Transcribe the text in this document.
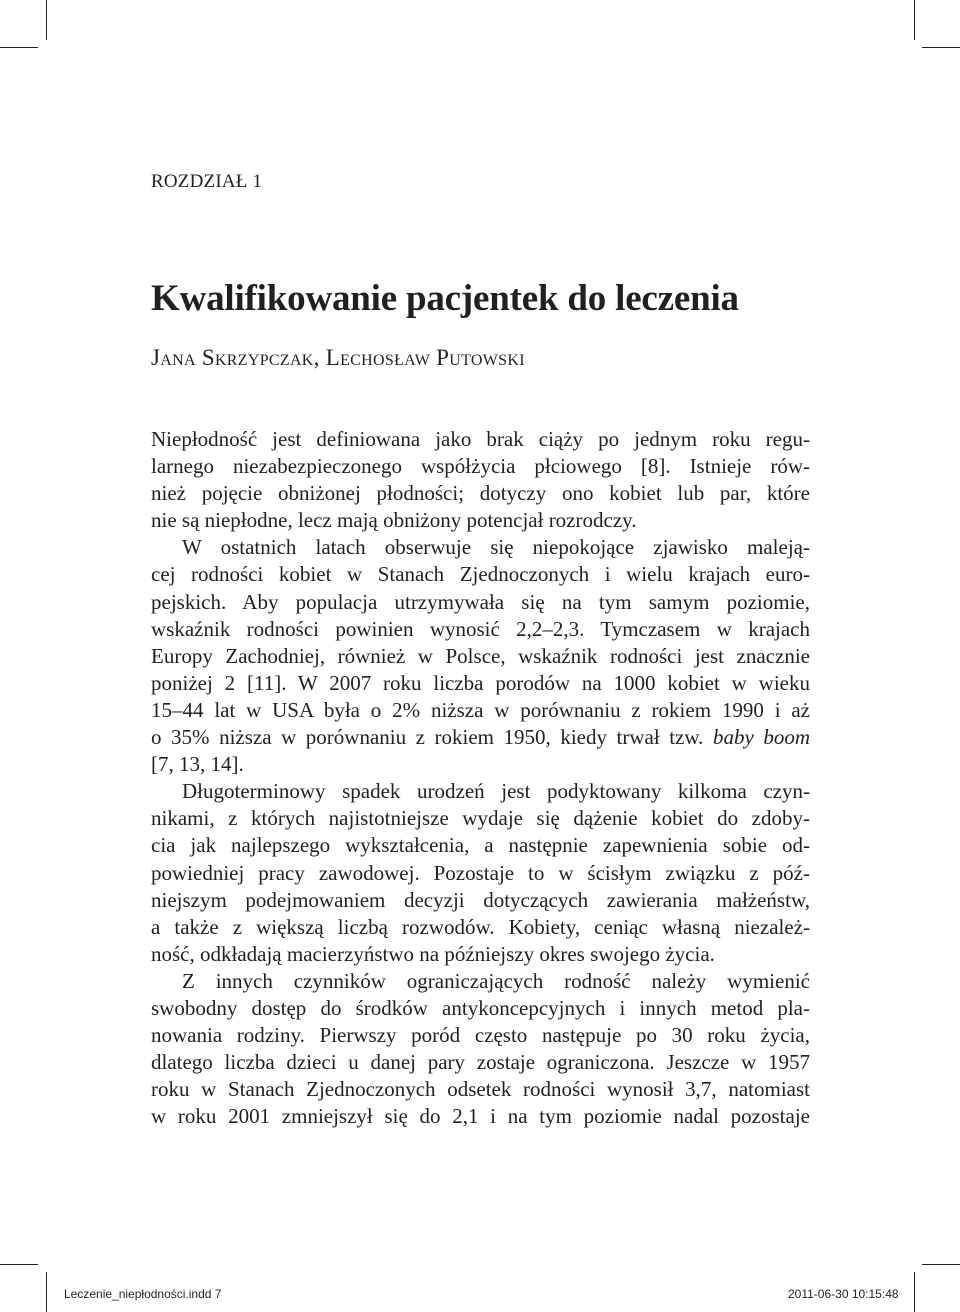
ROZDZIAŁ 1
Kwalifikowanie pacjentek do leczenia
Jana Skrzypczak, Lechosław Putowski
Niepłodność jest definiowana jako brak ciąży po jednym roku regu-
larnego niezabezpieczonego współżycia płciowego [8]. Istnieje rów-
nież pojęcie obniżonej płodności; dotyczy ono kobiet lub par, które
nie są niepłodne, lecz mają obniżony potencjał rozrodczy.
W ostatnich latach obserwuje się niepokojące zjawisko maleją-
cej rodności kobiet w Stanach Zjednoczonych i wielu krajach euro-
pejskich. Aby populacja utrzymywała się na tym samym poziomie,
wskaźnik rodności powinien wynosić 2,2–2,3. Tymczasem w krajach
Europy Zachodniej, również w Polsce, wskaźnik rodności jest znacznie
poniżej 2 [11]. W 2007 roku liczba porodów na 1000 kobiet w wieku
15–44 lat w USA była o 2% niższa w porównaniu z rokiem 1990 i aż
o 35% niższa w porównaniu z rokiem 1950, kiedy trwał tzw. baby boom
[7, 13, 14].
Długoterminowy spadek urodzeń jest podyktowany kilkoma czyn-
nikami, z których najistotniejsze wydaje się dążenie kobiet do zdoby-
cia jak najlepszego wykształcenia, a następnie zapewnienia sobie od-
powiedniej pracy zawodowej. Pozostaje to w ścisłym związku z póź-
niejszym podejmowaniem decyzji dotyczących zawierania małżeństw,
a także z większą liczbą rozwodów. Kobiety, ceniąc własną niezależ-
ność, odkładają macierzyństwo na późniejszy okres swojego życia.
Z innych czynników ograniczających rodność należy wymienić
swobodny dostęp do środków antykoncepcyjnych i innych metod pla-
nowania rodziny. Pierwszy poród często następuje po 30 roku życia,
dlatego liczba dzieci u danej pary zostaje ograniczona. Jeszcze w 1957
roku w Stanach Zjednoczonych odsetek rodności wynosił 3,7, natomiast
w roku 2001 zmniejszył się do 2,1 i na tym poziomie nadal pozostaje
Leczenie_niepłodności.indd 7	2011-06-30 10:15:48
